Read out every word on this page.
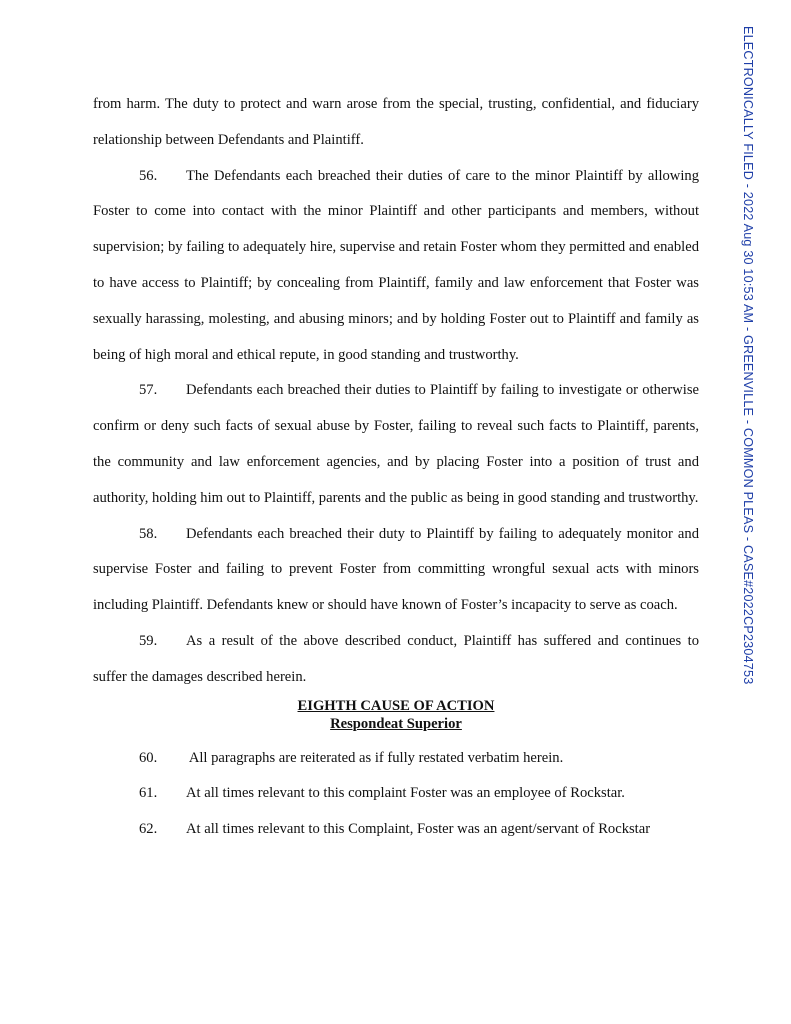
ELECTRONICALLY FILED - 2022 Aug 30 10:53 AM - GREENVILLE - COMMON PLEAS - CASE#2022CP2304753

from harm. The duty to protect and warn arose from the special, trusting, confidential, and fiduciary relationship between Defendants and Plaintiff.

56. The Defendants each breached their duties of care to the minor Plaintiff by allowing Foster to come into contact with the minor Plaintiff and other participants and members, without supervision; by failing to adequately hire, supervise and retain Foster whom they permitted and enabled to have access to Plaintiff; by concealing from Plaintiff, family and law enforcement that Foster was sexually harassing, molesting, and abusing minors; and by holding Foster out to Plaintiff and family as being of high moral and ethical repute, in good standing and trustworthy.

57. Defendants each breached their duties to Plaintiff by failing to investigate or otherwise confirm or deny such facts of sexual abuse by Foster, failing to reveal such facts to Plaintiff, parents, the community and law enforcement agencies, and by placing Foster into a position of trust and authority, holding him out to Plaintiff, parents and the public as being in good standing and trustworthy.

58. Defendants each breached their duty to Plaintiff by failing to adequately monitor and supervise Foster and failing to prevent Foster from committing wrongful sexual acts with minors including Plaintiff. Defendants knew or should have known of Foster’s incapacity to serve as coach.

59. As a result of the above described conduct, Plaintiff has suffered and continues to suffer the damages described herein.

EIGHTH CAUSE OF ACTION
Respondeat Superior

60. All paragraphs are reiterated as if fully restated verbatim herein.

61. At all times relevant to this complaint Foster was an employee of Rockstar.

62. At all times relevant to this Complaint, Foster was an agent/servant of Rockstar
